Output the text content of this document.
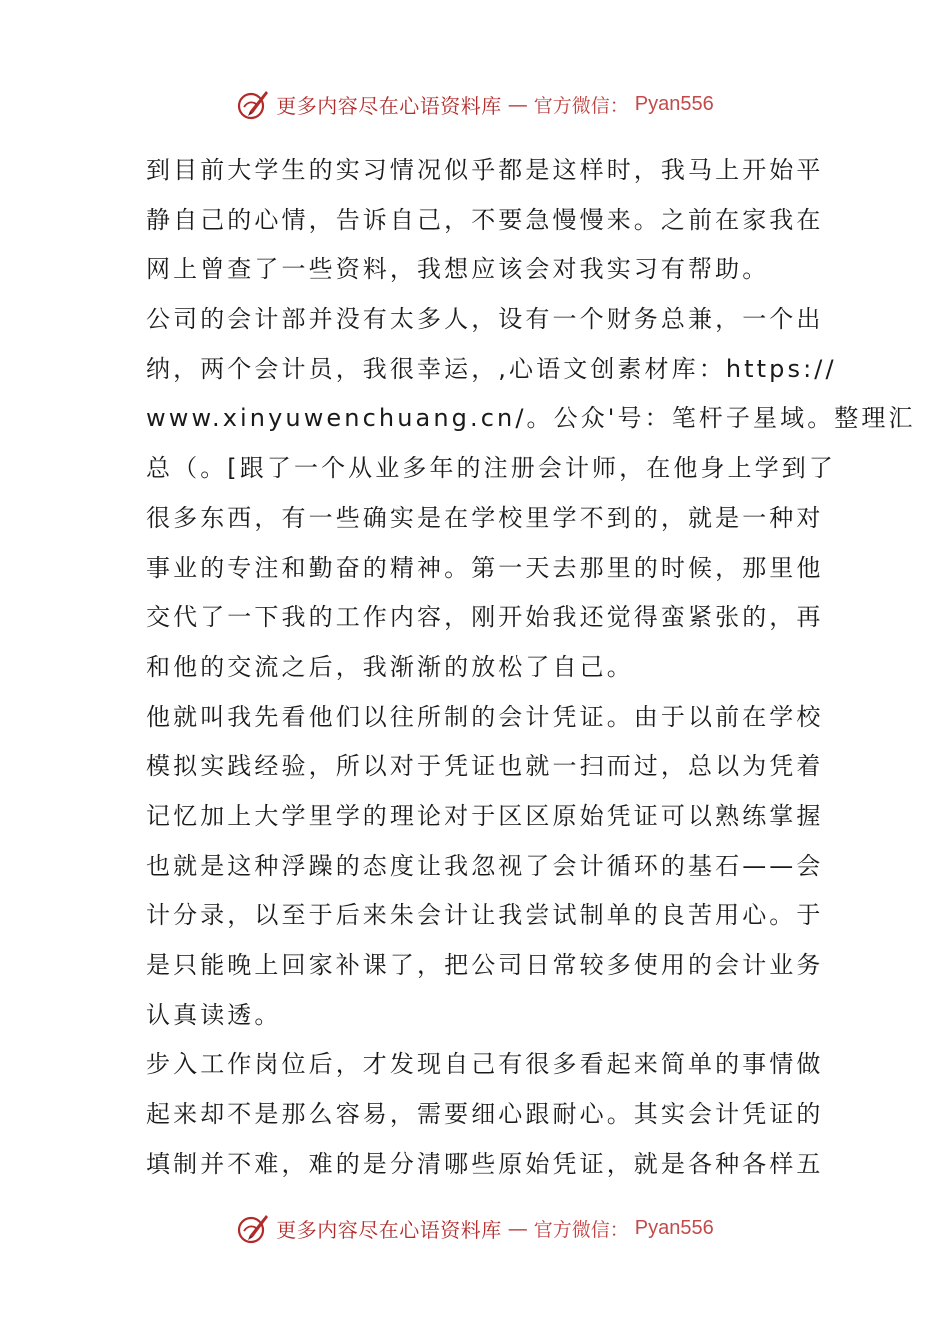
更多内容尽在心语资料库 — 官方微信： Pyan556
到目前大学生的实习情况似乎都是这样时，我马上开始平
静自己的心情，告诉自己，不要急慢慢来。之前在家我在
网上曾查了一些资料，我想应该会对我实习有帮助。
公司的会计部并没有太多人，设有一个财务总兼，一个出
纳，两个会计员，我很幸运，,心语文创素材库：https://
www.xinyuwenchuang.cn/。公众'号：笔杆子星域。整理汇
总（。[跟了一个从业多年的注册会计师，在他身上学到了
很多东西，有一些确实是在学校里学不到的，就是一种对
事业的专注和勤奋的精神。第一天去那里的时候，那里他
交代了一下我的工作内容，刚开始我还觉得蛮紧张的，再
和他的交流之后，我渐渐的放松了自己。
他就叫我先看他们以往所制的会计凭证。由于以前在学校
模拟实践经验，所以对于凭证也就一扫而过，总以为凭着
记忆加上大学里学的理论对于区区原始凭证可以熟练掌握
也就是这种浮躁的态度让我忽视了会计循环的基石——会
计分录，以至于后来朱会计让我尝试制单的良苦用心。于
是只能晚上回家补课了，把公司日常较多使用的会计业务
认真读透。
步入工作岗位后，才发现自己有很多看起来简单的事情做
起来却不是那么容易，需要细心跟耐心。其实会计凭证的
填制并不难，难的是分清哪些原始凭证，就是各种各样五
更多内容尽在心语资料库 — 官方微信： Pyan556
